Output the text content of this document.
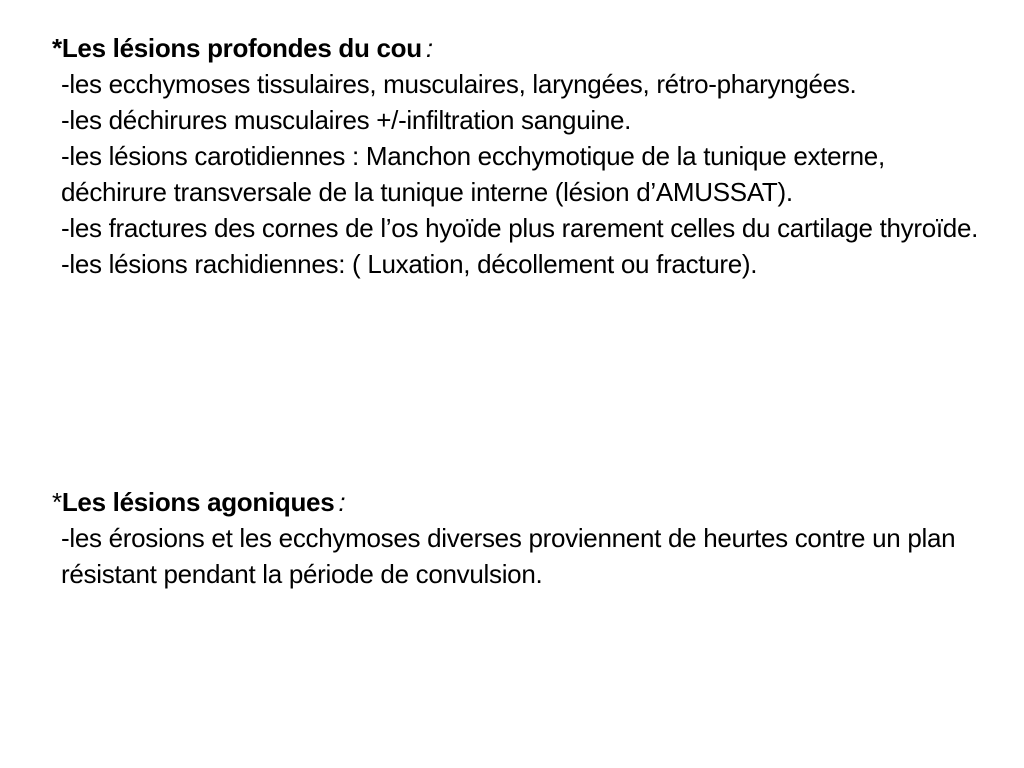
*Les lésions profondes du cou :
-les ecchymoses tissulaires, musculaires, laryngées, rétro-pharyngées.
-les déchirures musculaires +/-infiltration sanguine.
-les lésions carotidiennes : Manchon ecchymotique de la tunique externe, déchirure transversale de la tunique interne (lésion d’AMUSSAT).
-les fractures des cornes de l’os hyoïde plus rarement celles du cartilage thyroïde.
-les lésions rachidiennes: ( Luxation, décollement ou fracture).
*Les lésions agoniques :
-les érosions et les ecchymoses diverses proviennent de heurtes contre un plan résistant pendant la période de convulsion.
